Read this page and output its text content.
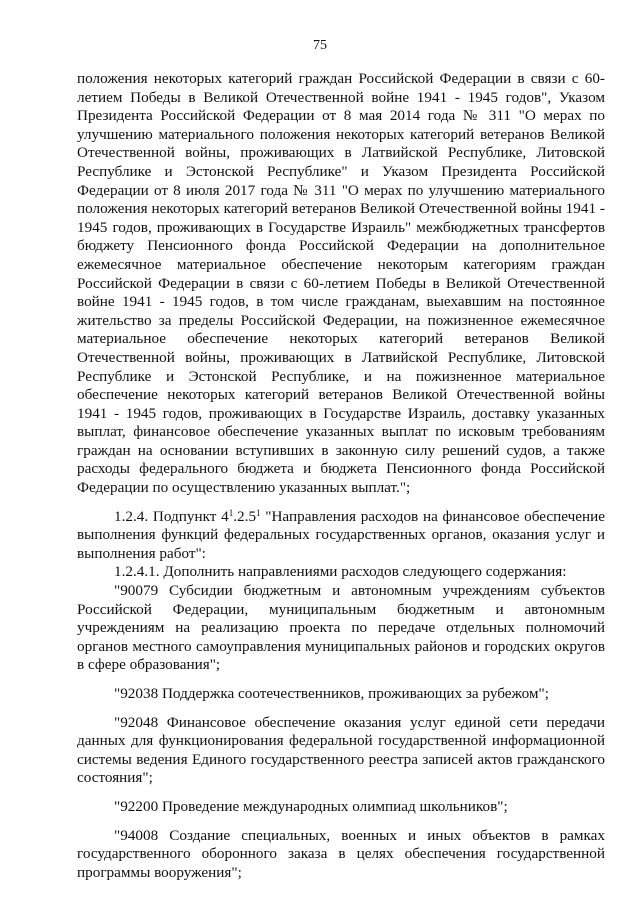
75

положения некоторых категорий граждан Российской Федерации в связи с 60-летием Победы в Великой Отечественной войне 1941 - 1945 годов", Указом Президента Российской Федерации от 8 мая 2014 года № 311 "О мерах по улучшению материального положения некоторых категорий ветеранов Великой Отечественной войны, проживающих в Латвийской Республике, Литовской Республике и Эстонской Республике" и Указом Президента Российской Федерации от 8 июля 2017 года № 311 "О мерах по улучшению материального положения некоторых категорий ветеранов Великой Отечественной войны 1941 - 1945 годов, проживающих в Государстве Израиль" межбюджетных трансфертов бюджету Пенсионного фонда Российской Федерации на дополнительное ежемесячное материальное обеспечение некоторым категориям граждан Российской Федерации в связи с 60-летием Победы в Великой Отечественной войне 1941 - 1945 годов, в том числе гражданам, выехавшим на постоянное жительство за пределы Российской Федерации, на пожизненное ежемесячное материальное обеспечение некоторых категорий ветеранов Великой Отечественной войны, проживающих в Латвийской Республике, Литовской Республике и Эстонской Республике, и на пожизненное материальное обеспечение некоторых категорий ветеранов Великой Отечественной войны 1941 - 1945 годов, проживающих в Государстве Израиль, доставку указанных выплат, финансовое обеспечение указанных выплат по исковым требованиям граждан на основании вступивших в законную силу решений судов, а также расходы федерального бюджета и бюджета Пенсионного фонда Российской Федерации по осуществлению указанных выплат.";

1.2.4. Подпункт $4^1.2.5^1$ "Направления расходов на финансовое обеспечение выполнения функций федеральных государственных органов, оказания услуг и выполнения работ":

1.2.4.1. Дополнить направлениями расходов следующего содержания:

"90079 Субсидии бюджетным и автономным учреждениям субъектов Российской Федерации, муниципальным бюджетным и автономным учреждениям на реализацию проекта по передаче отдельных полномочий органов местного самоуправления муниципальных районов и городских округов в сфере образования";

"92038 Поддержка соотечественников, проживающих за рубежом";

"92048 Финансовое обеспечение оказания услуг единой сети передачи данных для функционирования федеральной государственной информационной системы ведения Единого государственного реестра записей актов гражданского состояния";

"92200 Проведение международных олимпиад школьников";

"94008 Создание специальных, военных и иных объектов в рамках государственного оборонного заказа в целях обеспечения государственной программы вооружения";
